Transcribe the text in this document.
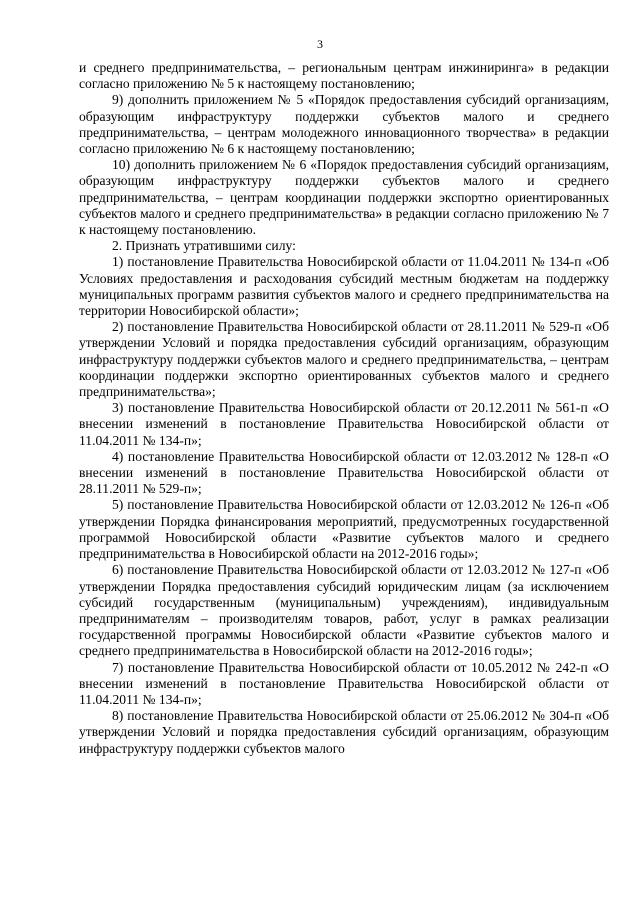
3

и среднего предпринимательства, – региональным центрам инжиниринга» в редакции согласно приложению № 5 к настоящему постановлению;

9) дополнить приложением № 5 «Порядок предоставления субсидий организациям, образующим инфраструктуру поддержки субъектов малого и среднего предпринимательства, – центрам молодежного инновационного творчества» в редакции согласно приложению № 6 к настоящему постановлению;

10) дополнить приложением № 6 «Порядок предоставления субсидий организациям, образующим инфраструктуру поддержки субъектов малого и среднего предпринимательства, – центрам координации поддержки экспортно ориентированных субъектов малого и среднего предпринимательства» в редакции согласно приложению № 7 к настоящему постановлению.

2. Признать утратившими силу:

1) постановление Правительства Новосибирской области от 11.04.2011 № 134-п «Об Условиях предоставления и расходования субсидий местным бюджетам на поддержку муниципальных программ развития субъектов малого и среднего предпринимательства на территории Новосибирской области»;

2) постановление Правительства Новосибирской области от 28.11.2011 № 529-п «Об утверждении Условий и порядка предоставления субсидий организациям, образующим инфраструктуру поддержки субъектов малого и среднего предпринимательства, – центрам координации поддержки экспортно ориентированных субъектов малого и среднего предпринимательства»;

3) постановление Правительства Новосибирской области от 20.12.2011 № 561-п «О внесении изменений в постановление Правительства Новосибирской области от 11.04.2011 № 134-п»;

4) постановление Правительства Новосибирской области от 12.03.2012 № 128-п «О внесении изменений в постановление Правительства Новосибирской области от 28.11.2011 № 529-п»;

5) постановление Правительства Новосибирской области от 12.03.2012 № 126-п «Об утверждении Порядка финансирования мероприятий, предусмотренных государственной программой Новосибирской области «Развитие субъектов малого и среднего предпринимательства в Новосибирской области на 2012-2016 годы»;

6) постановление Правительства Новосибирской области от 12.03.2012 № 127-п «Об утверждении Порядка предоставления субсидий юридическим лицам (за исключением субсидий государственным (муниципальным) учреждениям), индивидуальным предпринимателям – производителям товаров, работ, услуг в рамках реализации государственной программы Новосибирской области «Развитие субъектов малого и среднего предпринимательства в Новосибирской области на 2012-2016 годы»;

7) постановление Правительства Новосибирской области от 10.05.2012 № 242-п «О внесении изменений в постановление Правительства Новосибирской области от 11.04.2011 № 134-п»;

8) постановление Правительства Новосибирской области от 25.06.2012 № 304-п «Об утверждении Условий и порядка предоставления субсидий организациям, образующим инфраструктуру поддержки субъектов малого
